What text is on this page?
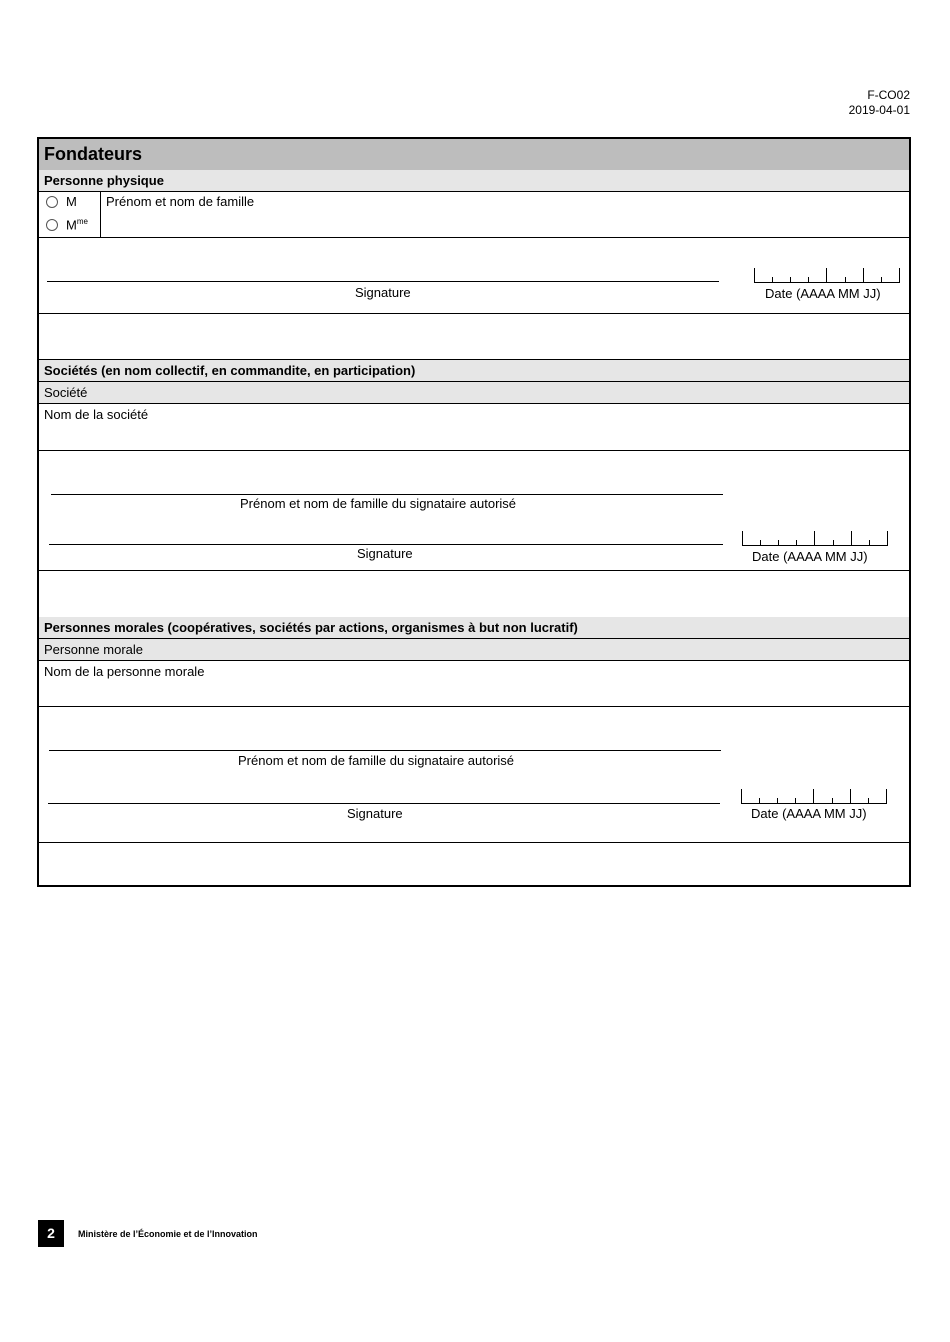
F-CO02
2019-04-01
Fondateurs
Personne physique
M
$M^{me}$
Prénom et nom de famille
Signature	Date (AAAA MM JJ)
Sociétés (en nom collectif, en commandite, en participation)
Société
Nom de la société
Prénom et nom de famille du signataire autorisé
Signature	Date (AAAA MM JJ)
Personnes morales (coopératives, sociétés par actions, organismes à but non lucratif)
Personne morale
Nom de la personne morale
Prénom et nom de famille du signataire autorisé
Signature	Date (AAAA MM JJ)
2	Ministère de l’Économie et de l’Innovation
